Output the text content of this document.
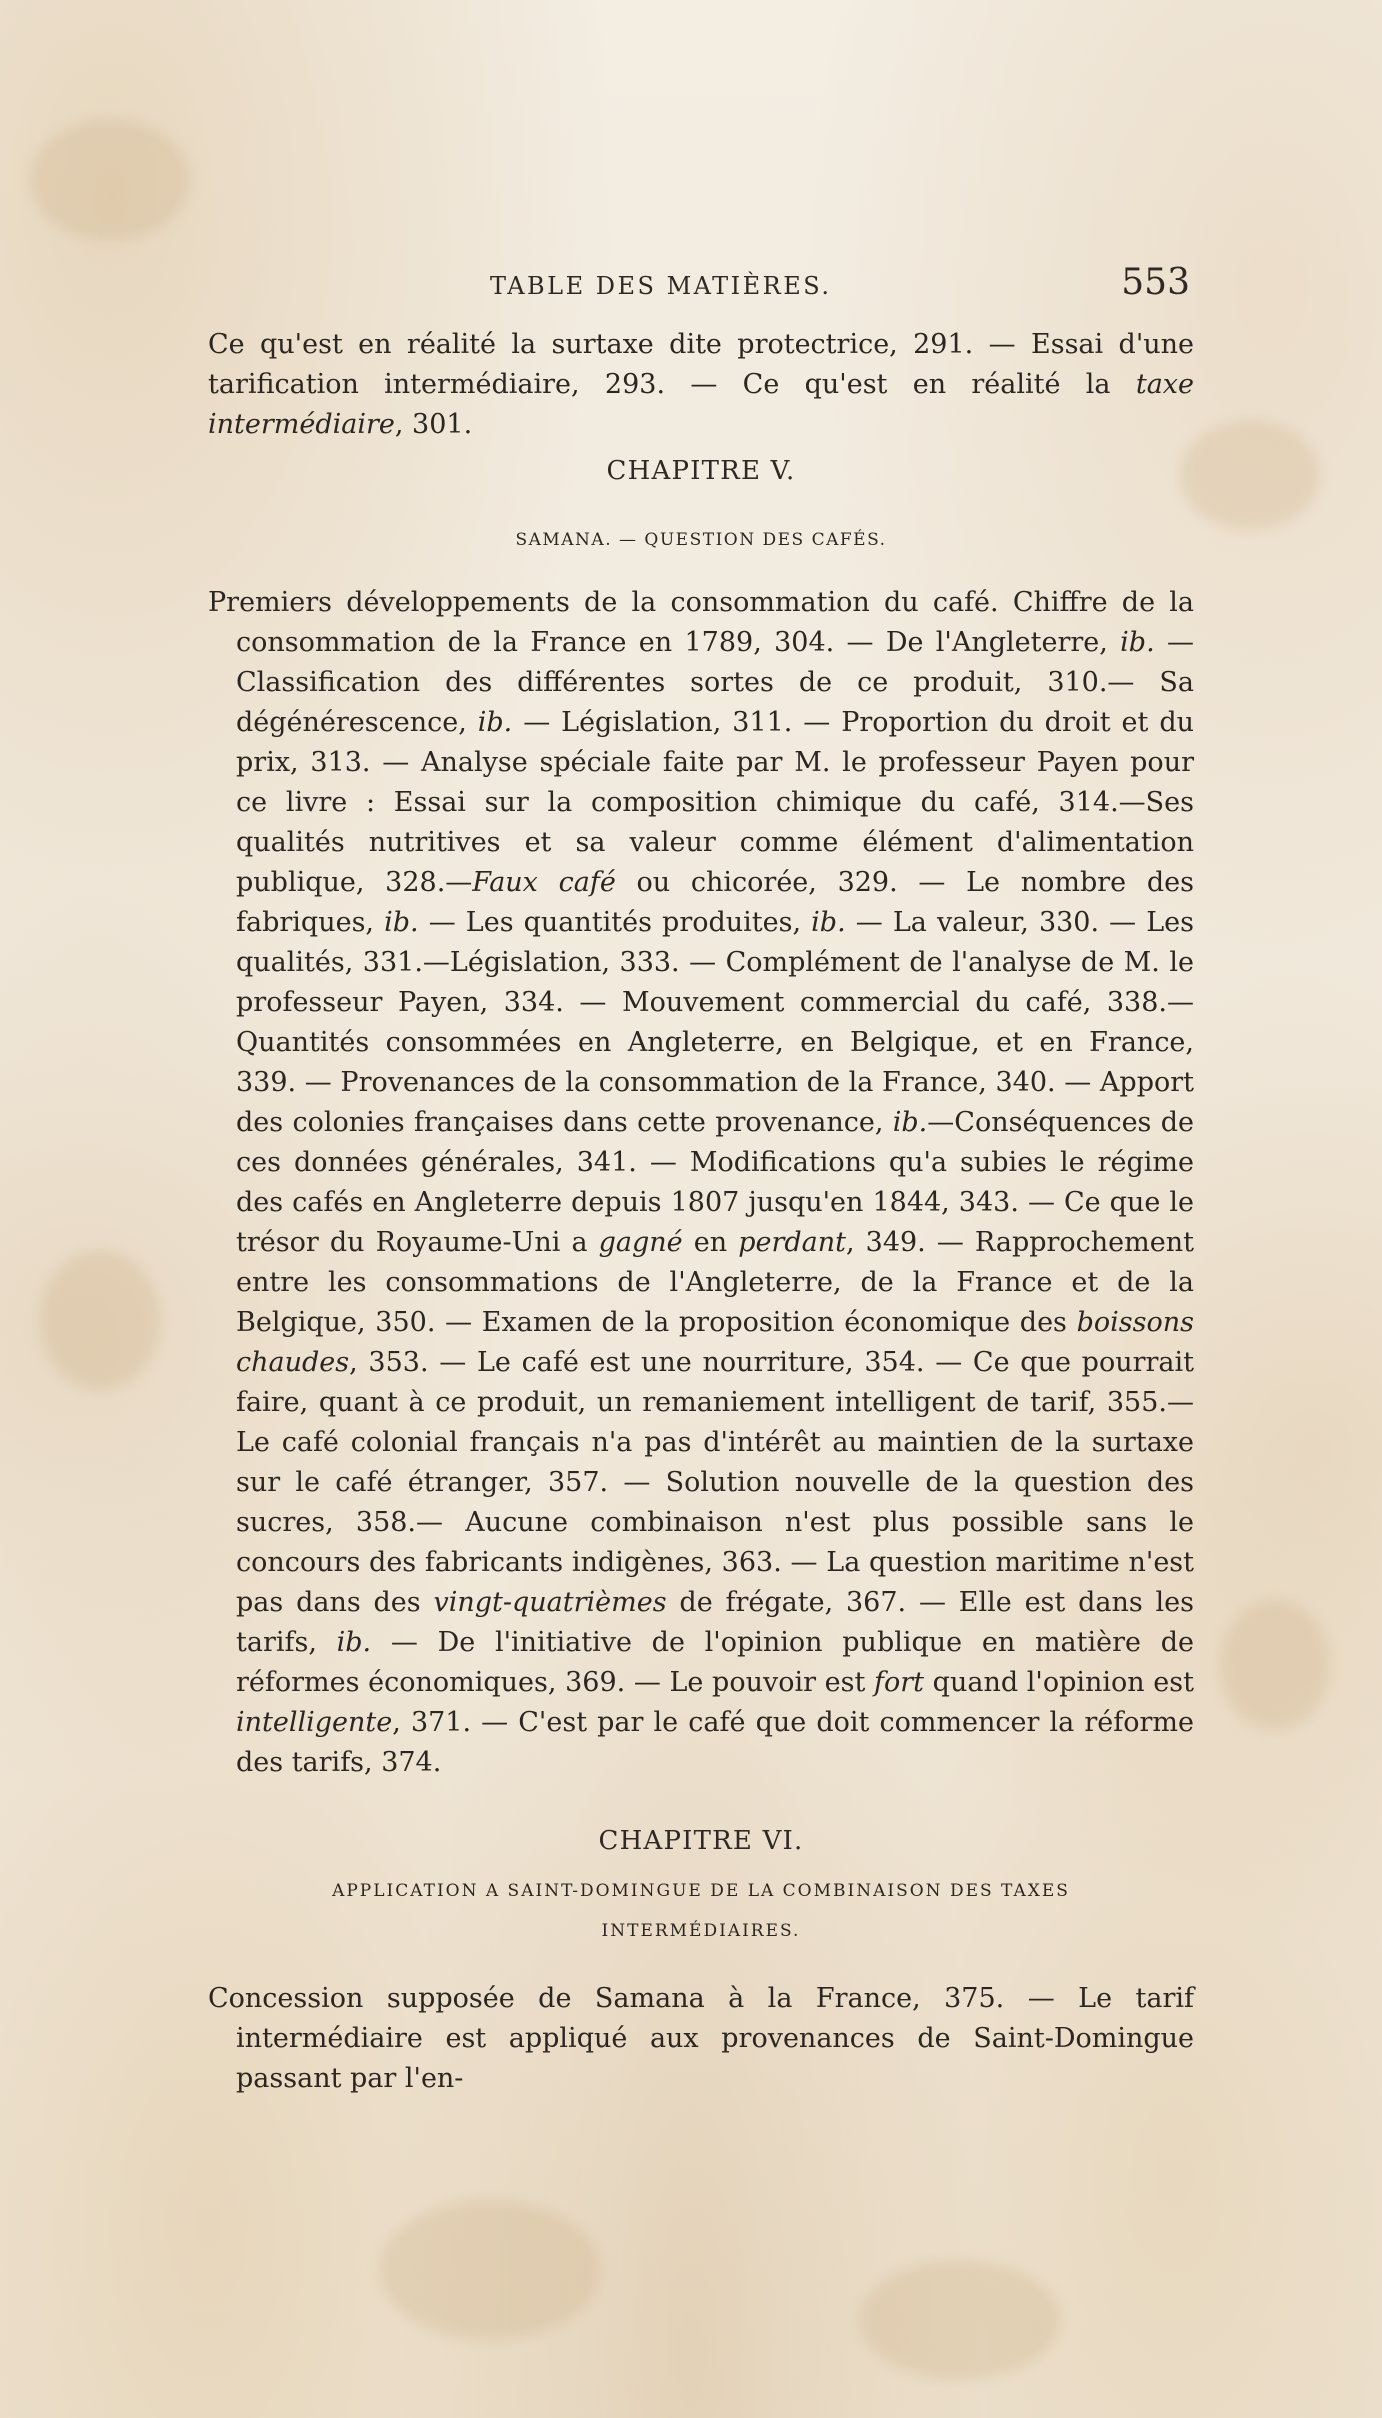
TABLE DES MATIÈRES.	553

Ce qu'est en réalité la surtaxe dite protectrice, 291. — Essai d'une tarification intermédiaire, 293. — Ce qu'est en réalité la taxe intermédiaire, 301.

CHAPITRE V.

SAMANA. — QUESTION DES CAFÉS.

Premiers développements de la consommation du café. Chiffre de la consommation de la France en 1789, 304. — De l'Angleterre, ib. — Classification des différentes sortes de ce produit, 310.— Sa dégénérescence, ib. — Législation, 311. — Proportion du droit et du prix, 313. — Analyse spéciale faite par M. le professeur Payen pour ce livre : Essai sur la composition chimique du café, 314.—Ses qualités nutritives et sa valeur comme élément d'alimentation publique, 328.—Faux café ou chicorée, 329. — Le nombre des fabriques, ib. — Les quantités produites, ib. — La valeur, 330. — Les qualités, 331.—Législation, 333. — Complément de l'analyse de M. le professeur Payen, 334. — Mouvement commercial du café, 338.—Quantités consommées en Angleterre, en Belgique, et en France, 339. — Provenances de la consommation de la France, 340. — Apport des colonies françaises dans cette provenance, ib.—Conséquences de ces données générales, 341. — Modifications qu'a subies le régime des cafés en Angleterre depuis 1807 jusqu'en 1844, 343. — Ce que le trésor du Royaume-Uni a gagné en perdant, 349. — Rapprochement entre les consommations de l'Angleterre, de la France et de la Belgique, 350. — Examen de la proposition économique des boissons chaudes, 353. — Le café est une nourriture, 354. — Ce que pourrait faire, quant à ce produit, un remaniement intelligent de tarif, 355.—Le café colonial français n'a pas d'intérêt au maintien de la surtaxe sur le café étranger, 357. — Solution nouvelle de la question des sucres, 358.— Aucune combinaison n'est plus possible sans le concours des fabricants indigènes, 363. — La question maritime n'est pas dans des vingt-quatrièmes de frégate, 367. — Elle est dans les tarifs, ib. — De l'initiative de l'opinion publique en matière de réformes économiques, 369. — Le pouvoir est fort quand l'opinion est intelligente, 371. — C'est par le café que doit commencer la réforme des tarifs, 374.

CHAPITRE VI.

APPLICATION A SAINT-DOMINGUE DE LA COMBINAISON DES TAXES INTERMÉDIAIRES.

Concession supposée de Samana à la France, 375. — Le tarif intermédiaire est appliqué aux provenances de Saint-Domingue passant par l'en-
